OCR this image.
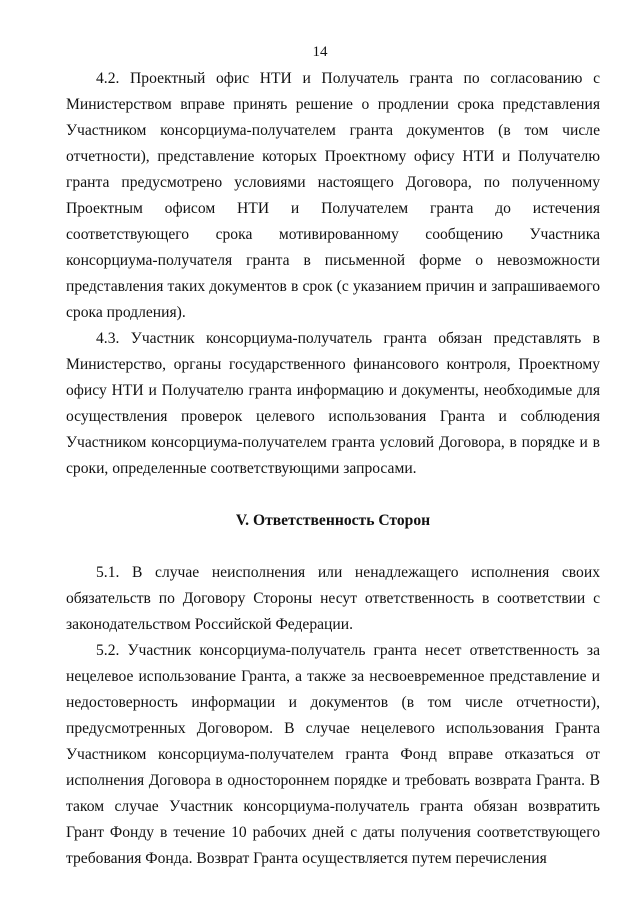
14

4.2. Проектный офис НТИ и Получатель гранта по согласованию с Министерством вправе принять решение о продлении срока представления Участником консорциума-получателем гранта документов (в том числе отчетности), представление которых Проектному офису НТИ и Получателю гранта предусмотрено условиями настоящего Договора, по полученному Проектным офисом НТИ и Получателем гранта до истечения соответствующего срока мотивированному сообщению Участника консорциума-получателя гранта в письменной форме о невозможности представления таких документов в срок (с указанием причин и запрашиваемого срока продления).

4.3. Участник консорциума-получатель гранта обязан представлять в Министерство, органы государственного финансового контроля, Проектному офису НТИ и Получателю гранта информацию и документы, необходимые для осуществления проверок целевого использования Гранта и соблюдения Участником консорциума-получателем гранта условий Договора, в порядке и в сроки, определенные соответствующими запросами.

V. Ответственность Сторон

5.1. В случае неисполнения или ненадлежащего исполнения своих обязательств по Договору Стороны несут ответственность в соответствии с законодательством Российской Федерации.

5.2. Участник консорциума-получатель гранта несет ответственность за нецелевое использование Гранта, а также за несвоевременное представление и недостоверность информации и документов (в том числе отчетности), предусмотренных Договором. В случае нецелевого использования Гранта Участником консорциума-получателем гранта Фонд вправе отказаться от исполнения Договора в одностороннем порядке и требовать возврата Гранта. В таком случае Участник консорциума-получатель гранта обязан возвратить Грант Фонду в течение 10 рабочих дней с даты получения соответствующего требования Фонда. Возврат Гранта осуществляется путем перечисления
